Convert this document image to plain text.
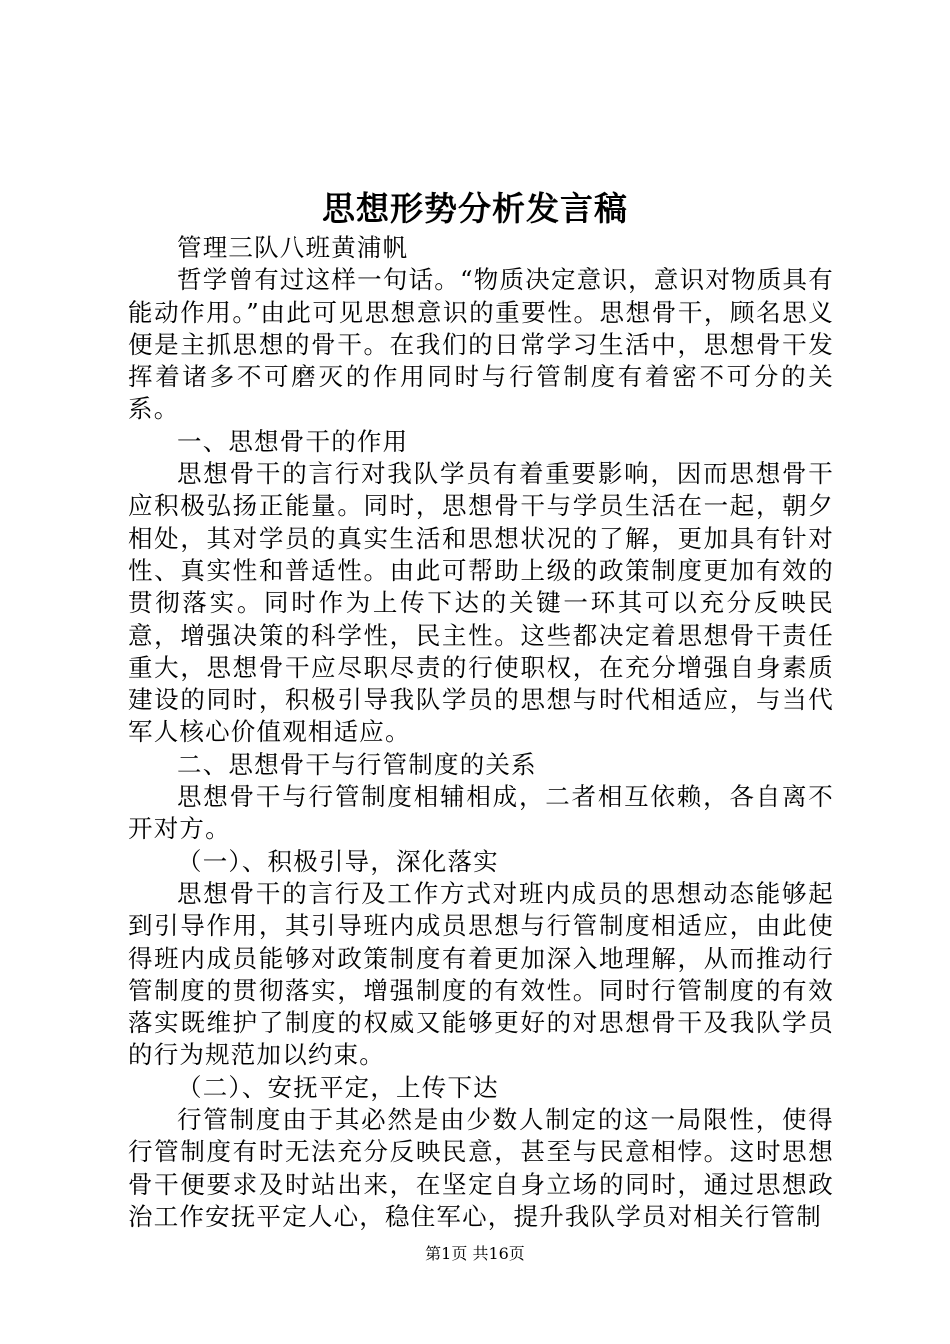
思想形势分析发言稿

管理三队八班黄浦帆

哲学曾有过这样一句话。“物质决定意识，意识对物质具有能动作用。”由此可见思想意识的重要性。思想骨干，顾名思义便是主抓思想的骨干。在我们的日常学习生活中，思想骨干发挥着诸多不可磨灭的作用同时与行管制度有着密不可分的关系。

一、思想骨干的作用

思想骨干的言行对我队学员有着重要影响，因而思想骨干应积极弘扬正能量。同时，思想骨干与学员生活在一起，朝夕相处，其对学员的真实生活和思想状况的了解，更加具有针对性、真实性和普适性。由此可帮助上级的政策制度更加有效的贯彻落实。同时作为上传下达的关键一环其可以充分反映民意，增强决策的科学性，民主性。这些都决定着思想骨干责任重大，思想骨干应尽职尽责的行使职权，在充分增强自身素质建设的同时，积极引导我队学员的思想与时代相适应，与当代军人核心价值观相适应。

二、思想骨干与行管制度的关系

思想骨干与行管制度相辅相成，二者相互依赖，各自离不开对方。

（一）、积极引导，深化落实

思想骨干的言行及工作方式对班内成员的思想动态能够起到引导作用，其引导班内成员思想与行管制度相适应，由此使得班内成员能够对政策制度有着更加深入地理解，从而推动行管制度的贯彻落实，增强制度的有效性。同时行管制度的有效落实既维护了制度的权威又能够更好的对思想骨干及我队学员的行为规范加以约束。

（二）、安抚平定，上传下达

行管制度由于其必然是由少数人制定的这一局限性，使得行管制度有时无法充分反映民意，甚至与民意相悖。这时思想骨干便要求及时站出来，在坚定自身立场的同时，通过思想政治工作安抚平定人心，稳住军心，提升我队学员对相关行管制

第1页 共16页
